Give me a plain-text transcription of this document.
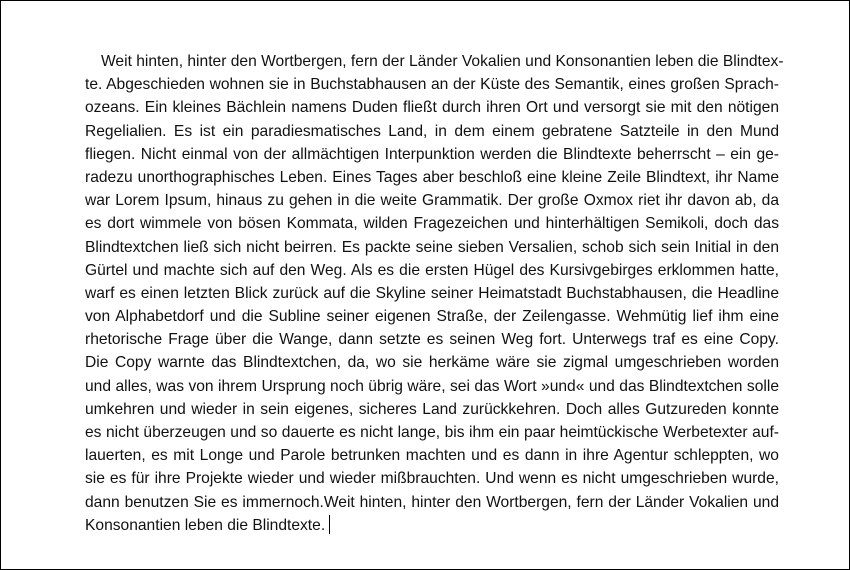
Weit hinten, hinter den Wortbergen, fern der Länder Vokalien und Konsonantien leben die Blindtex-
te. Abgeschieden wohnen sie in Buchstabhausen an der Küste des Semantik, eines großen Sprach-
ozeans. Ein kleines Bächlein namens Duden fließt durch ihren Ort und versorgt sie mit den nötigen
Regelialien. Es ist ein paradiesmatisches Land, in dem einem gebratene Satzteile in den Mund
fliegen. Nicht einmal von der allmächtigen Interpunktion werden die Blindtexte beherrscht – ein ge-
radezu unorthographisches Leben. Eines Tages aber beschloß eine kleine Zeile Blindtext, ihr Name
war Lorem Ipsum, hinaus zu gehen in die weite Grammatik. Der große Oxmox riet ihr davon ab, da
es dort wimmele von bösen Kommata, wilden Fragezeichen und hinterhältigen Semikoli, doch das
Blindtextchen ließ sich nicht beirren. Es packte seine sieben Versalien, schob sich sein Initial in den
Gürtel und machte sich auf den Weg. Als es die ersten Hügel des Kursivgebirges erklommen hatte,
warf es einen letzten Blick zurück auf die Skyline seiner Heimatstadt Buchstabhausen, die Headline
von Alphabetdorf und die Subline seiner eigenen Straße, der Zeilengasse. Wehmütig lief ihm eine
rhetorische Frage über die Wange, dann setzte es seinen Weg fort. Unterwegs traf es eine Copy.
Die Copy warnte das Blindtextchen, da, wo sie herkäme wäre sie zigmal umgeschrieben worden
und alles, was von ihrem Ursprung noch übrig wäre, sei das Wort »und« und das Blindtextchen solle
umkehren und wieder in sein eigenes, sicheres Land zurückkehren. Doch alles Gutzureden konnte
es nicht überzeugen und so dauerte es nicht lange, bis ihm ein paar heimtückische Werbetexter auf-
lauerten, es mit Longe und Parole betrunken machten und es dann in ihre Agentur schleppten, wo
sie es für ihre Projekte wieder und wieder mißbrauchten. Und wenn es nicht umgeschrieben wurde,
dann benutzen Sie es immernoch.Weit hinten, hinter den Wortbergen, fern der Länder Vokalien und
Konsonantien leben die Blindtexte.
